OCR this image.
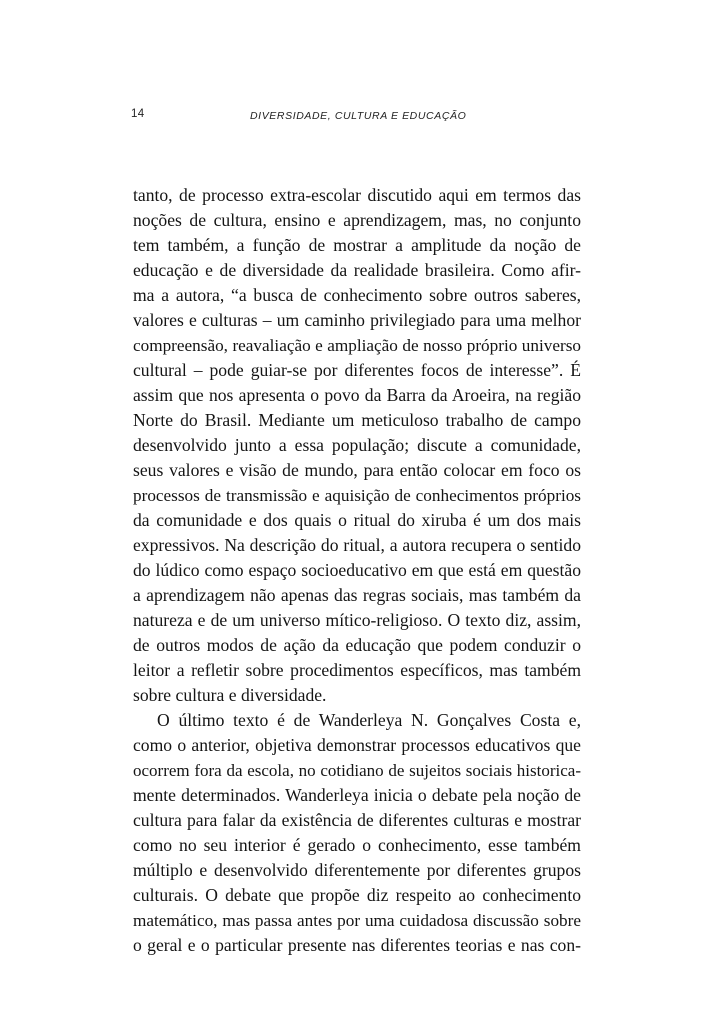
14	DIVERSIDADE, CULTURA E EDUCAÇÃO
tanto, de processo extra-escolar discutido aqui em termos das
noções de cultura, ensino e aprendizagem, mas, no conjunto
tem também, a função de mostrar a amplitude da noção de
educação e de diversidade da realidade brasileira. Como afir-
ma a autora, “a busca de conhecimento sobre outros saberes,
valores e culturas – um caminho privilegiado para uma melhor
compreensão, reavaliação e ampliação de nosso próprio universo
cultural – pode guiar-se por diferentes focos de interesse”. É
assim que nos apresenta o povo da Barra da Aroeira, na região
Norte do Brasil. Mediante um meticuloso trabalho de campo
desenvolvido junto a essa população; discute a comunidade,
seus valores e visão de mundo, para então colocar em foco os
processos de transmissão e aquisição de conhecimentos próprios
da comunidade e dos quais o ritual do xiruba é um dos mais
expressivos. Na descrição do ritual, a autora recupera o sentido
do lúdico como espaço socioeducativo em que está em questão
a aprendizagem não apenas das regras sociais, mas também da
natureza e de um universo mítico-religioso. O texto diz, assim,
de outros modos de ação da educação que podem conduzir o
leitor a refletir sobre procedimentos específicos, mas também
sobre cultura e diversidade.
O último texto é de Wanderleya N. Gonçalves Costa e,
como o anterior, objetiva demonstrar processos educativos que
ocorrem fora da escola, no cotidiano de sujeitos sociais historica-
mente determinados. Wanderleya inicia o debate pela noção de
cultura para falar da existência de diferentes culturas e mostrar
como no seu interior é gerado o conhecimento, esse também
múltiplo e desenvolvido diferentemente por diferentes grupos
culturais. O debate que propõe diz respeito ao conhecimento
matemático, mas passa antes por uma cuidadosa discussão sobre
o geral e o particular presente nas diferentes teorias e nas con-
